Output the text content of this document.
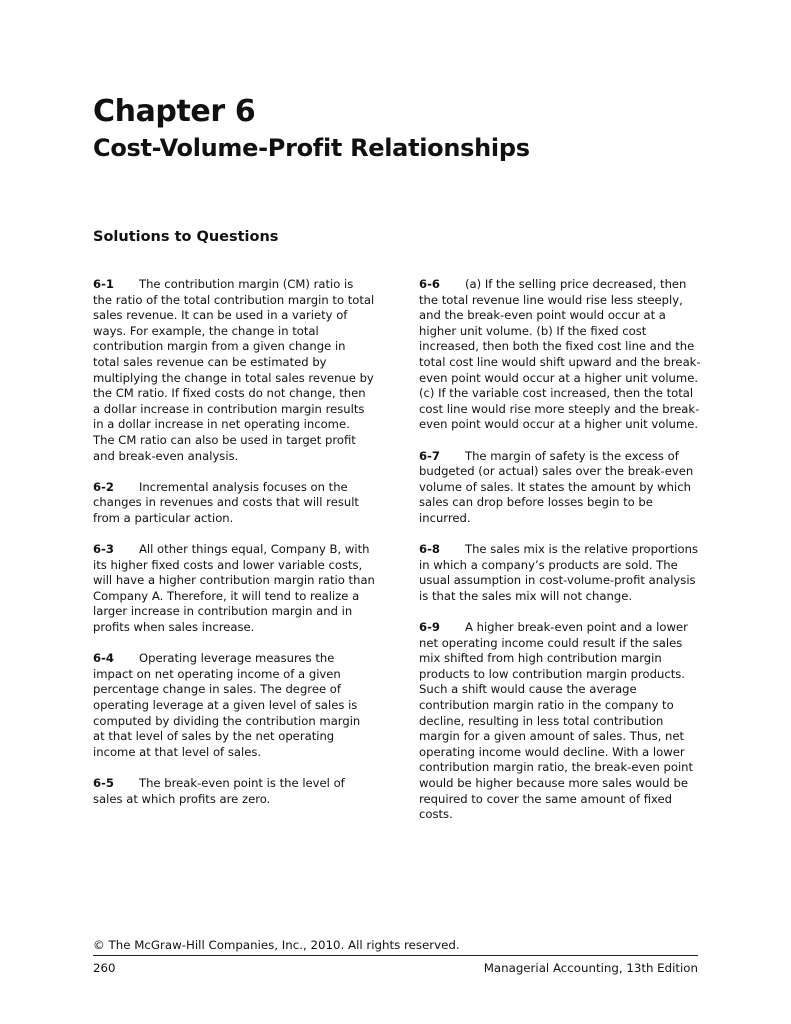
Chapter 6
Cost-Volume-Profit Relationships
Solutions to Questions

6-1 The contribution margin (CM) ratio is the ratio of the total contribution margin to total sales revenue. It can be used in a variety of ways. For example, the change in total contribution margin from a given change in total sales revenue can be estimated by multiplying the change in total sales revenue by the CM ratio. If fixed costs do not change, then a dollar increase in contribution margin results in a dollar increase in net operating income. The CM ratio can also be used in target profit and break-even analysis.

6-2 Incremental analysis focuses on the changes in revenues and costs that will result from a particular action.

6-3 All other things equal, Company B, with its higher fixed costs and lower variable costs, will have a higher contribution margin ratio than Company A. Therefore, it will tend to realize a larger increase in contribution margin and in profits when sales increase.

6-4 Operating leverage measures the impact on net operating income of a given percentage change in sales. The degree of operating leverage at a given level of sales is computed by dividing the contribution margin at that level of sales by the net operating income at that level of sales.

6-5 The break-even point is the level of sales at which profits are zero.

6-6 (a) If the selling price decreased, then the total revenue line would rise less steeply, and the break-even point would occur at a higher unit volume. (b) If the fixed cost increased, then both the fixed cost line and the total cost line would shift upward and the break-even point would occur at a higher unit volume. (c) If the variable cost increased, then the total cost line would rise more steeply and the break-even point would occur at a higher unit volume.

6-7 The margin of safety is the excess of budgeted (or actual) sales over the break-even volume of sales. It states the amount by which sales can drop before losses begin to be incurred.

6-8 The sales mix is the relative proportions in which a company’s products are sold. The usual assumption in cost-volume-profit analysis is that the sales mix will not change.

6-9 A higher break-even point and a lower net operating income could result if the sales mix shifted from high contribution margin products to low contribution margin products. Such a shift would cause the average contribution margin ratio in the company to decline, resulting in less total contribution margin for a given amount of sales. Thus, net operating income would decline. With a lower contribution margin ratio, the break-even point would be higher because more sales would be required to cover the same amount of fixed costs.

© The McGraw-Hill Companies, Inc., 2010. All rights reserved.
260	Managerial Accounting, 13th Edition
